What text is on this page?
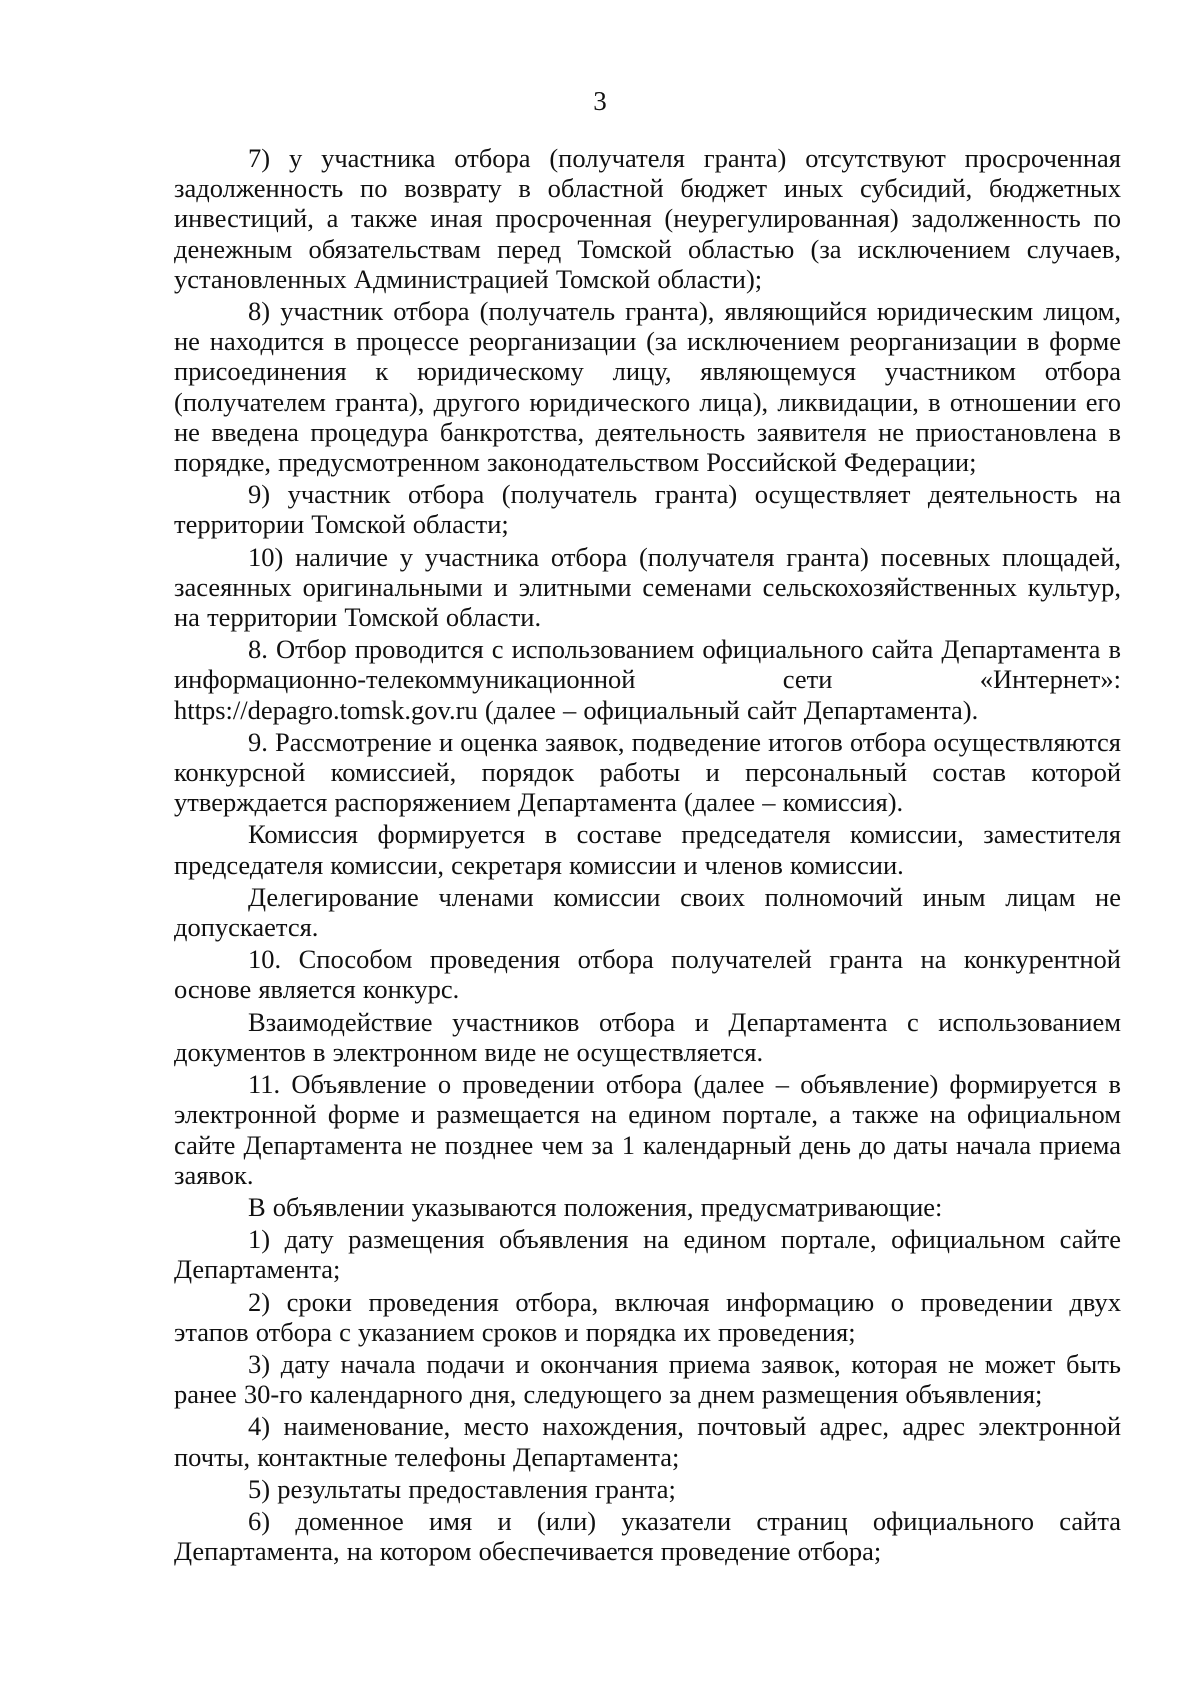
3

7) у участника отбора (получателя гранта) отсутствуют просроченная задолженность по возврату в областной бюджет иных субсидий, бюджетных инвестиций, а также иная просроченная (неурегулированная) задолженность по денежным обязательствам перед Томской областью (за исключением случаев, установленных Администрацией Томской области);

8) участник отбора (получатель гранта), являющийся юридическим лицом, не находится в процессе реорганизации (за исключением реорганизации в форме присоединения к юридическому лицу, являющемуся участником отбора (получателем гранта), другого юридического лица), ликвидации, в отношении его не введена процедура банкротства, деятельность заявителя не приостановлена в порядке, предусмотренном законодательством Российской Федерации;

9) участник отбора (получатель гранта) осуществляет деятельность на территории Томской области;

10) наличие у участника отбора (получателя гранта) посевных площадей, засеянных оригинальными и элитными семенами сельскохозяйственных культур, на территории Томской области.

8. Отбор проводится с использованием официального сайта Департамента в информационно-телекоммуникационной сети «Интернет»: https://depagro.tomsk.gov.ru (далее – официальный сайт Департамента).

9. Рассмотрение и оценка заявок, подведение итогов отбора осуществляются конкурсной комиссией, порядок работы и персональный состав которой утверждается распоряжением Департамента (далее – комиссия).

Комиссия формируется в составе председателя комиссии, заместителя председателя комиссии, секретаря комиссии и членов комиссии.

Делегирование членами комиссии своих полномочий иным лицам не допускается.

10. Способом проведения отбора получателей гранта на конкурентной основе является конкурс.

Взаимодействие участников отбора и Департамента с использованием документов в электронном виде не осуществляется.

11. Объявление о проведении отбора (далее – объявление) формируется в электронной форме и размещается на едином портале, а также на официальном сайте Департамента не позднее чем за 1 календарный день до даты начала приема заявок.

В объявлении указываются положения, предусматривающие:

1) дату размещения объявления на едином портале, официальном сайте Департамента;

2) сроки проведения отбора, включая информацию о проведении двух этапов отбора с указанием сроков и порядка их проведения;

3) дату начала подачи и окончания приема заявок, которая не может быть ранее 30-го календарного дня, следующего за днем размещения объявления;

4) наименование, место нахождения, почтовый адрес, адрес электронной почты, контактные телефоны Департамента;

5) результаты предоставления гранта;

6) доменное имя и (или) указатели страниц официального сайта Департамента, на котором обеспечивается проведение отбора;
